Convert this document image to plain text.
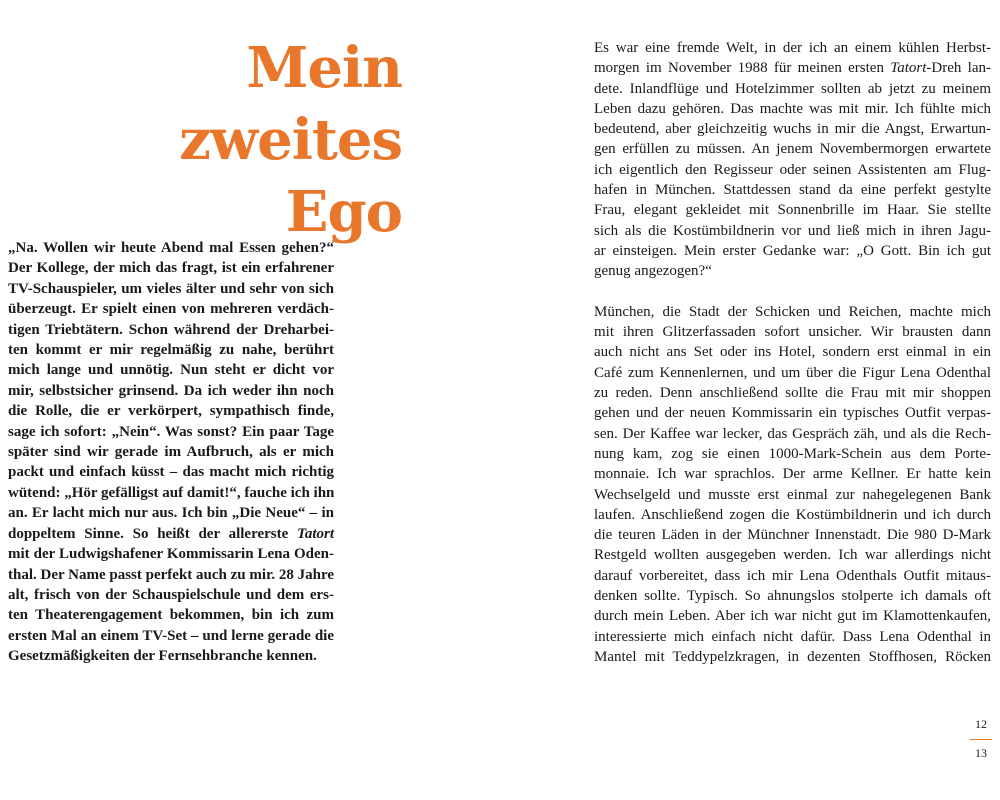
Mein
zweites
Ego
„Na. Wollen wir heute Abend mal Essen gehen?“
Der Kollege, der mich das fragt, ist ein erfahrener
TV-Schauspieler, um vieles älter und sehr von sich
überzeugt. Er spielt einen von mehreren verdäch-
tigen Triebtätern. Schon während der Dreharbei-
ten kommt er mir regelmäßig zu nahe, berührt
mich lange und unnötig. Nun steht er dicht vor
mir, selbstsicher grinsend. Da ich weder ihn noch
die Rolle, die er verkörpert, sympathisch finde,
sage ich sofort: „Nein“. Was sonst? Ein paar Tage
später sind wir gerade im Aufbruch, als er mich
packt und einfach küsst – das macht mich richtig
wütend: „Hör gefälligst auf damit!“, fauche ich ihn
an. Er lacht mich nur aus. Ich bin „Die Neue“ – in
doppeltem Sinne. So heißt der allererste Tatort
mit der Ludwigshafener Kommissarin Lena Oden-
thal. Der Name passt perfekt auch zu mir. 28 Jahre
alt, frisch von der Schauspielschule und dem ers-
ten Theaterengagement bekommen, bin ich zum
ersten Mal an einem TV-Set – und lerne gerade die
Gesetzmäßigkeiten der Fernsehbranche kennen.

Es war eine fremde Welt, in der ich an einem kühlen Herbst-
morgen im November 1988 für meinen ersten Tatort-Dreh lan-
dete. Inlandflüge und Hotelzimmer sollten ab jetzt zu meinem
Leben dazu gehören. Das machte was mit mir. Ich fühlte mich
bedeutend, aber gleichzeitig wuchs in mir die Angst, Erwartun-
gen erfüllen zu müssen. An jenem Novembermorgen erwartete
ich eigentlich den Regisseur oder seinen Assistenten am Flug-
hafen in München. Stattdessen stand da eine perfekt gestylte
Frau, elegant gekleidet mit Sonnenbrille im Haar. Sie stellte
sich als die Kostümbildnerin vor und ließ mich in ihren Jagu-
ar einsteigen. Mein erster Gedanke war: „O Gott. Bin ich gut
genug angezogen?“

München, die Stadt der Schicken und Reichen, machte mich
mit ihren Glitzerfassaden sofort unsicher. Wir brausten dann
auch nicht ans Set oder ins Hotel, sondern erst einmal in ein
Café zum Kennenlernen, und um über die Figur Lena Odenthal
zu reden. Denn anschließend sollte die Frau mit mir shoppen
gehen und der neuen Kommissarin ein typisches Outfit verpas-
sen. Der Kaffee war lecker, das Gespräch zäh, und als die Rech-
nung kam, zog sie einen 1000-Mark-Schein aus dem Porte-
monnaie. Ich war sprachlos. Der arme Kellner. Er hatte kein
Wechselgeld und musste erst einmal zur nahegelegenen Bank
laufen. Anschließend zogen die Kostümbildnerin und ich durch
die teuren Läden in der Münchner Innenstadt. Die 980 D-Mark
Restgeld wollten ausgegeben werden. Ich war allerdings nicht
darauf vorbereitet, dass ich mir Lena Odenthals Outfit mitaus-
denken sollte. Typisch. So ahnungslos stolperte ich damals oft
durch mein Leben. Aber ich war nicht gut im Klamottenkaufen,
interessierte mich einfach nicht dafür. Dass Lena Odenthal in
Mantel mit Teddypelzkragen, in dezenten Stoffhosen, Röcken

12
13
